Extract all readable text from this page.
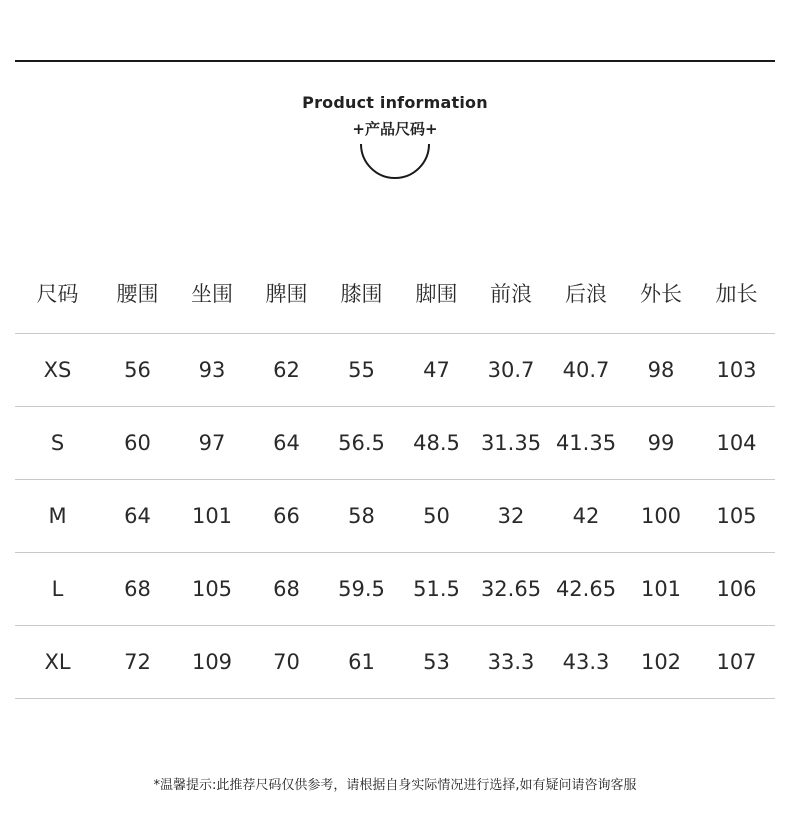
Product information
+产品尺码+
尺码	腰围	坐围	脾围	膝围	脚围	前浪	后浪	外长	加长
XS	56	93	62	55	47	30.7	40.7	98	103
S	60	97	64	56.5	48.5	31.35	41.35	99	104
M	64	101	66	58	50	32	42	100	105
L	68	105	68	59.5	51.5	32.65	42.65	101	106
XL	72	109	70	61	53	33.3	43.3	102	107
*温馨提示:此推荐尺码仅供参考，请根据自身实际情况进行选择,如有疑问请咨询客服
